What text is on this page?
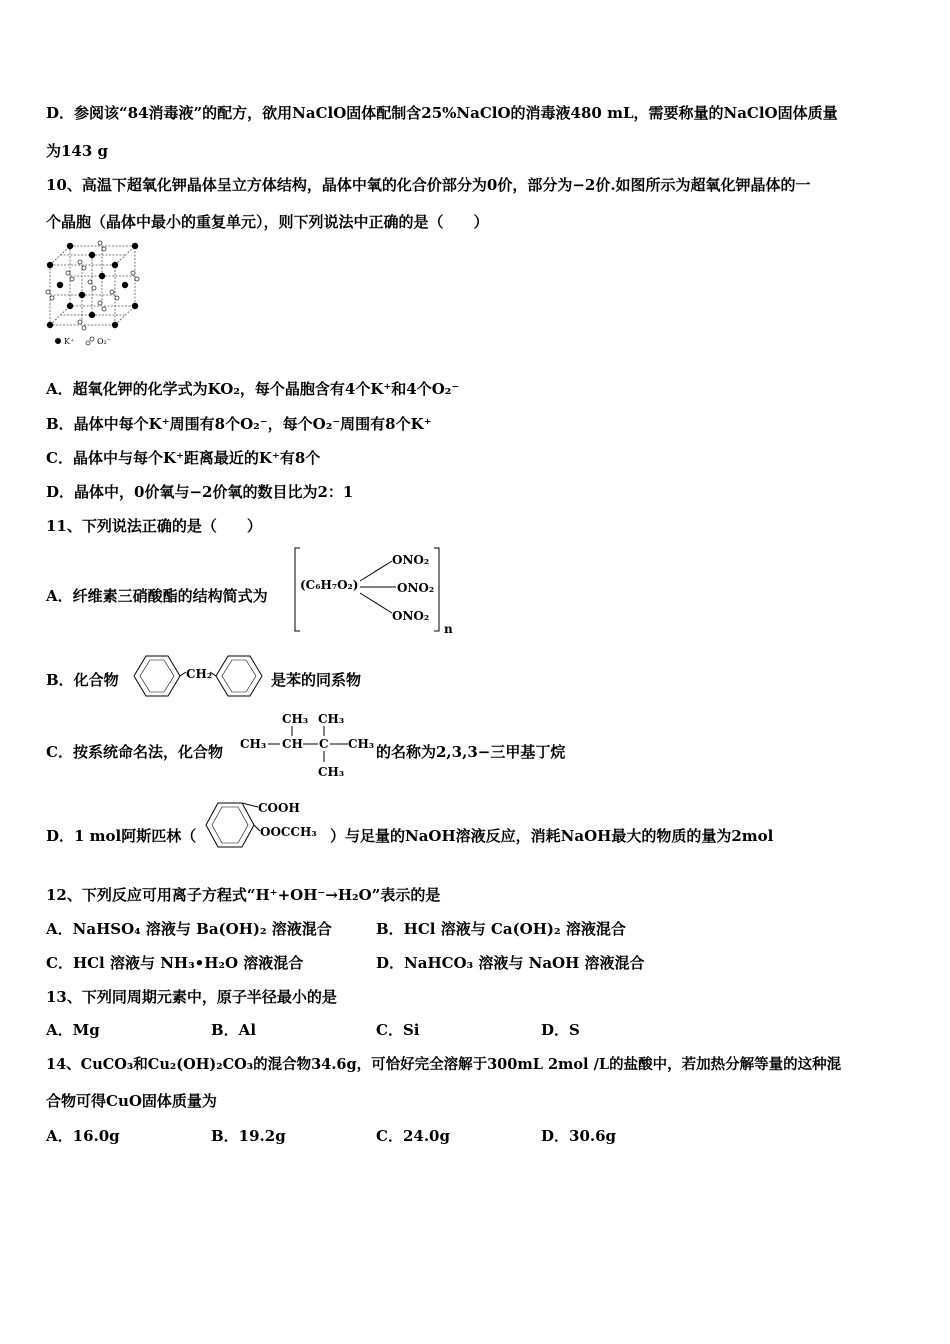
D．参阅该“84消毒液”的配方，欲用NaClO固体配制含25%NaClO的消毒液480 mL，需要称量的NaClO固体质量
为143 g
10、高温下超氧化钾晶体呈立方体结构，晶体中氧的化合价部分为0价，部分为−2价.如图所示为超氧化钾晶体的一
个晶胞（晶体中最小的重复单元），则下列说法中正确的是（　　）
K⁺	O₂⁻
A．超氧化钾的化学式为KO₂，每个晶胞含有4个K⁺和4个O₂⁻
B．晶体中每个K⁺周围有8个O₂⁻，每个O₂⁻周围有8个K⁺
C．晶体中与每个K⁺距离最近的K⁺有8个
D．晶体中，0价氧与−2价氧的数目比为2：1
11、下列说法正确的是（　　）
A．纤维素三硝酸酯的结构简式为
(C₆H₇O₂)
ONO₂
ONO₂
ONO₂
n
B．化合物	CH₂	是苯的同系物
C．按系统命名法，化合物
CH₃ CH₃
CH₃ CH C CH₃
CH₃
的名称为2,3,3−三甲基丁烷
D．1 mol阿斯匹林（
COOH
OOCCH₃ ）与足量的NaOH溶液反应，消耗NaOH最大的物质的量为2mol
12、下列反应可用离子方程式“H⁺+OH⁻→H₂O”表示的是
A．NaHSO₄ 溶液与 Ba(OH)₂ 溶液混合	B．HCl 溶液与 Ca(OH)₂ 溶液混合
C．HCl 溶液与 NH₃•H₂O 溶液混合	D．NaHCO₃ 溶液与 NaOH 溶液混合
13、下列同周期元素中，原子半径最小的是
A．Mg	B．Al	C．Si	D．S
14、CuCO₃和Cu₂(OH)₂CO₃的混合物34.6g，可恰好完全溶解于300mL 2mol /L的盐酸中，若加热分解等量的这种混
合物可得CuO固体质量为
A．16.0g	B．19.2g	C．24.0g	D．30.6g
